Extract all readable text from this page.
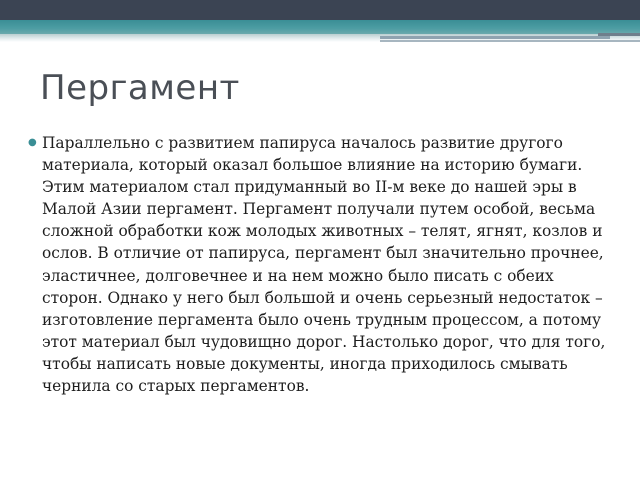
Пергамент
● Параллельно с развитием папируса началось развитие другого материала, который оказал большое влияние на историю бумаги. Этим материалом стал придуманный во II-м веке до нашей эры в Малой Азии пергамент. Пергамент получали путем особой, весьма сложной обработки кож молодых животных – телят, ягнят, козлов и ослов. В отличие от папируса, пергамент был значительно прочнее, эластичнее, долговечнее и на нем можно было писать с обеих сторон. Однако у него был большой и очень серьезный недостаток – изготовление пергамента было очень трудным процессом, а потому этот материал был чудовищно дорог. Настолько дорог, что для того, чтобы написать новые документы, иногда приходилось смывать чернила со старых пергаментов.
